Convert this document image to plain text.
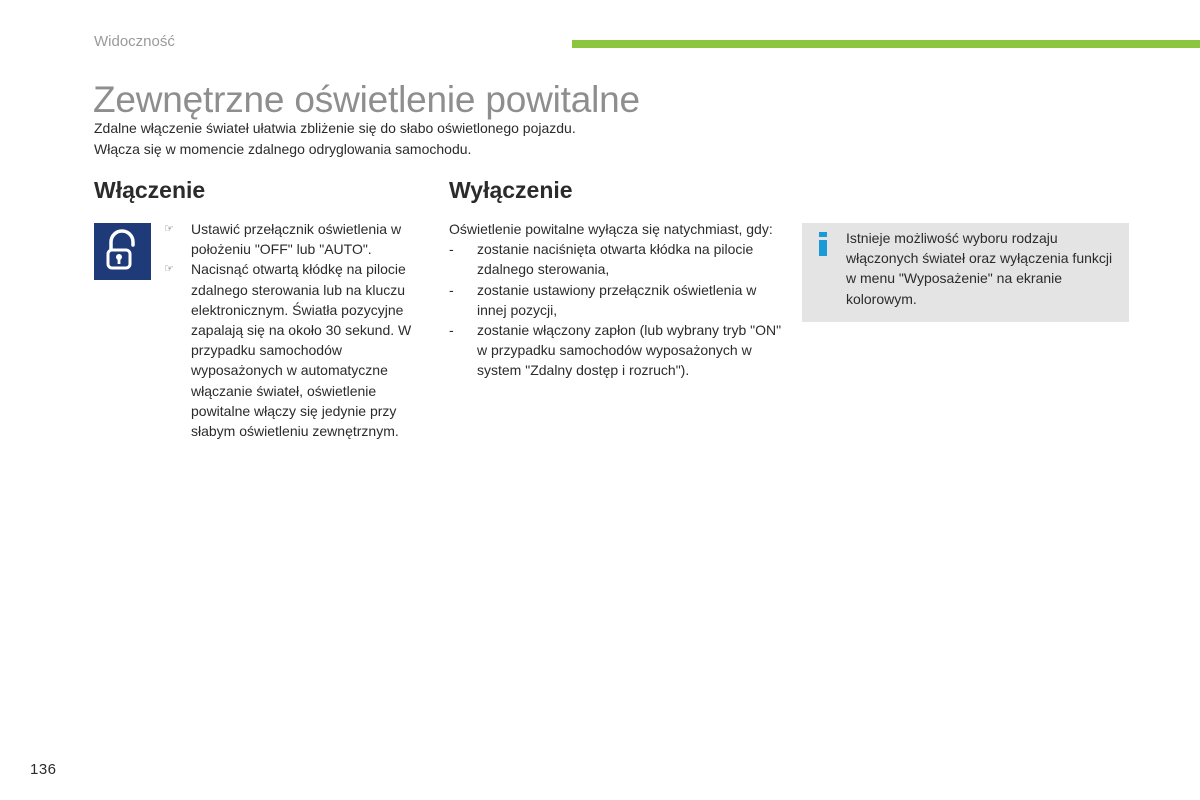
Widoczność
Zewnętrzne oświetlenie powitalne

Zdalne włączenie świateł ułatwia zbliżenie się do słabo oświetlonego pojazdu.

Włącza się w momencie zdalnego odryglowania samochodu.

Włączenie	Wyłączenie
☞ Ustawić przełącznik oświetlenia w położeniu "OFF" lub "AUTO".
☞ Nacisnąć otwartą kłódkę na pilocie zdalnego sterowania lub na kluczu elektronicznym. Światła pozycyjne zapalają się na około 30 sekund. W przypadku samochodów wyposażonych w automatyczne włączanie świateł, oświetlenie powitalne włączy się jedynie przy słabym oświetleniu zewnętrznym.

Oświetlenie powitalne wyłącza się natychmiast, gdy:

- zostanie naciśnięta otwarta kłódka na pilocie zdalnego sterowania,
- zostanie ustawiony przełącznik oświetlenia w innej pozycji,
- zostanie włączony zapłon (lub wybrany tryb "ON" w przypadku samochodów wyposażonych w system "Zdalny dostęp i rozruch").
Istnieje możliwość wyboru rodzaju włączonych świateł oraz wyłączenia funkcji w menu "Wyposażenie" na ekranie kolorowym.
136
